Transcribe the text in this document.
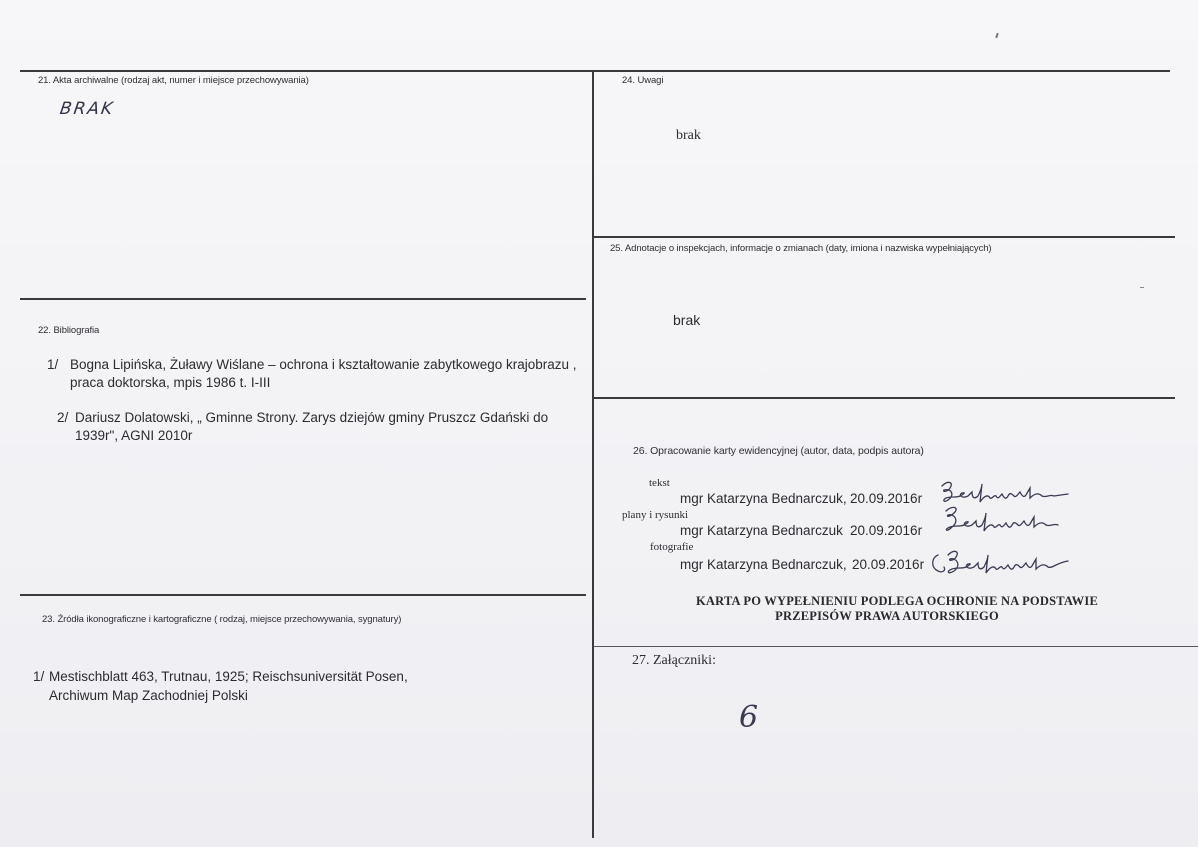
21. Akta archiwalne (rodzaj akt, numer i miejsce przechowywania)
BRAK
22. Bibliografia
1/ Bogna Lipińska, Żuławy Wiślane – ochrona i kształtowanie zabytkowego krajobrazu ,
praca doktorska, mpis 1986 t. I-III
2/ Dariusz Dolatowski, „ Gminne Strony. Zarys dziejów gminy Pruszcz Gdański do
1939r", AGNI 2010r
23. Źródła ikonograficzne i kartograficzne ( rodzaj, miejsce przechowywania, sygnatury)
1/ Mestischblatt 463, Trutnau, 1925; Reischsuniversität Posen,
Archiwum Map Zachodniej Polski
24. Uwagi
brak
25. Adnotacje o inspekcjach, informacje o zmianach (daty, imiona i nazwiska wypełniających)
brak
26. Opracowanie karty ewidencyjnej (autor, data, podpis autora)
tekst
mgr Katarzyna Bednarczuk, 20.09.2016r
plany i rysunki
mgr Katarzyna Bednarczuk 20.09.2016r
fotografie
mgr Katarzyna Bednarczuk, 20.09.2016r
KARTA PO WYPEŁNIENIU PODLEGA OCHRONIE NA PODSTAWIE
PRZEPISÓW PRAWA AUTORSKIEGO
27. Załączniki:
6
